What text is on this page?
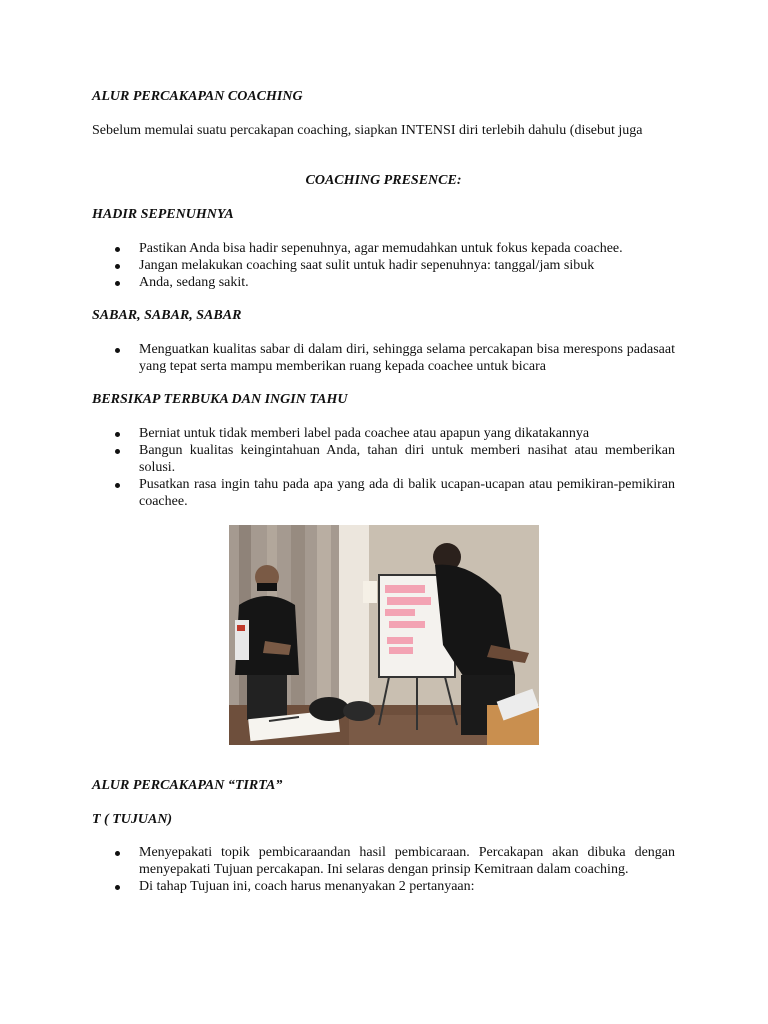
ALUR PERCAKAPAN COACHING
Sebelum memulai suatu percakapan coaching, siapkan INTENSI diri terlebih dahulu (disebut juga
COACHING PRESENCE:
HADIR SEPENUHNYA
Pastikan Anda bisa hadir sepenuhnya, agar memudahkan untuk fokus kepada coachee.
Jangan melakukan coaching saat sulit untuk hadir sepenuhnya: tanggal/jam sibuk
Anda, sedang sakit.
SABAR, SABAR, SABAR
Menguatkan kualitas sabar di dalam diri, sehingga selama percakapan bisa merespons padasaat yang tepat serta mampu memberikan ruang kepada coachee untuk bicara
BERSIKAP TERBUKA DAN INGIN TAHU
Berniat untuk tidak memberi label pada coachee atau apapun yang dikatakannya
Bangun kualitas keingintahuan Anda, tahan diri untuk memberi nasihat atau memberikan solusi.
Pusatkan rasa ingin tahu pada apa yang ada di balik ucapan-ucapan atau pemikiran-pemikiran coachee.
ALUR PERCAKAPAN “TIRTA”
T ( TUJUAN)
Menyepakati topik pembicaraandan hasil pembicaraan. Percakapan akan dibuka dengan menyepakati Tujuan percakapan. Ini selaras dengan prinsip Kemitraan dalam coaching.
Di tahap Tujuan ini, coach harus menanyakan 2 pertanyaan:
